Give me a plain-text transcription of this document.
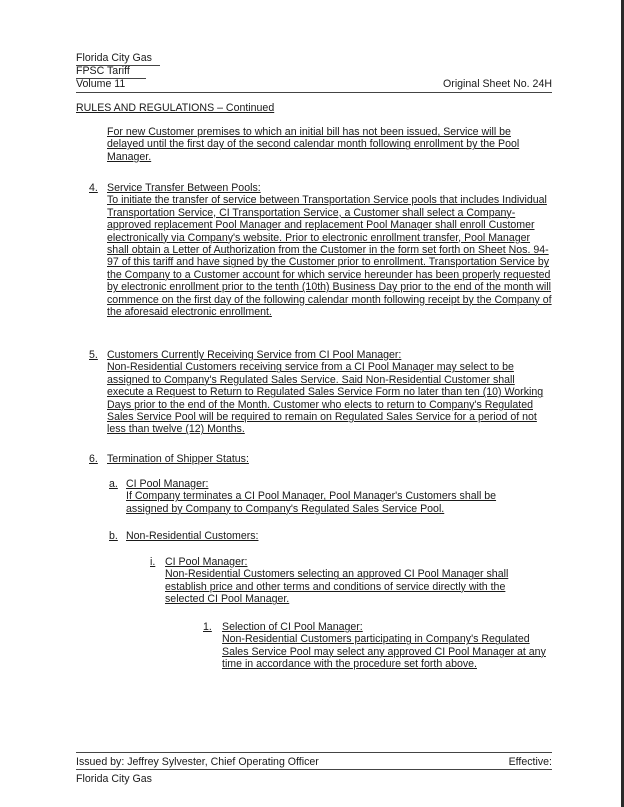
Florida City Gas
FPSC Tariff
Volume 11	Original Sheet No. 24H
RULES AND REGULATIONS – Continued
For new Customer premises to which an initial bill has not been issued, Service will be delayed until the first day of the second calendar month following enrollment by the Pool Manager.
4. Service Transfer Between Pools:
To initiate the transfer of service between Transportation Service pools that includes Individual Transportation Service, CI Transportation Service, a Customer shall select a Company-approved replacement Pool Manager and replacement Pool Manager shall enroll Customer electronically via Company's website. Prior to electronic enrollment transfer, Pool Manager shall obtain a Letter of Authorization from the Customer in the form set forth on Sheet Nos. 94-97 of this tariff and have signed by the Customer prior to enrollment. Transportation Service by the Company to a Customer account for which service hereunder has been properly requested by electronic enrollment prior to the tenth (10th) Business Day prior to the end of the month will commence on the first day of the following calendar month following receipt by the Company of the aforesaid electronic enrollment.
5. Customers Currently Receiving Service from CI Pool Manager:
Non-Residential Customers receiving service from a CI Pool Manager may select to be assigned to Company's Regulated Sales Service. Said Non-Residential Customer shall execute a Request to Return to Regulated Sales Service Form no later than ten (10) Working Days prior to the end of the Month. Customer who elects to return to Company's Regulated Sales Service Pool will be required to remain on Regulated Sales Service for a period of not less than twelve (12) Months.
6. Termination of Shipper Status:
a. CI Pool Manager:
If Company terminates a CI Pool Manager, Pool Manager's Customers shall be assigned by Company to Company's Regulated Sales Service Pool.
b. Non-Residential Customers:
i. CI Pool Manager:
Non-Residential Customers selecting an approved CI Pool Manager shall establish price and other terms and conditions of service directly with the selected CI Pool Manager.
1. Selection of CI Pool Manager:
Non-Residential Customers participating in Company's Regulated Sales Service Pool may select any approved CI Pool Manager at any time in accordance with the procedure set forth above.
Issued by: Jeffrey Sylvester, Chief Operating Officer	Effective:
Florida City Gas
